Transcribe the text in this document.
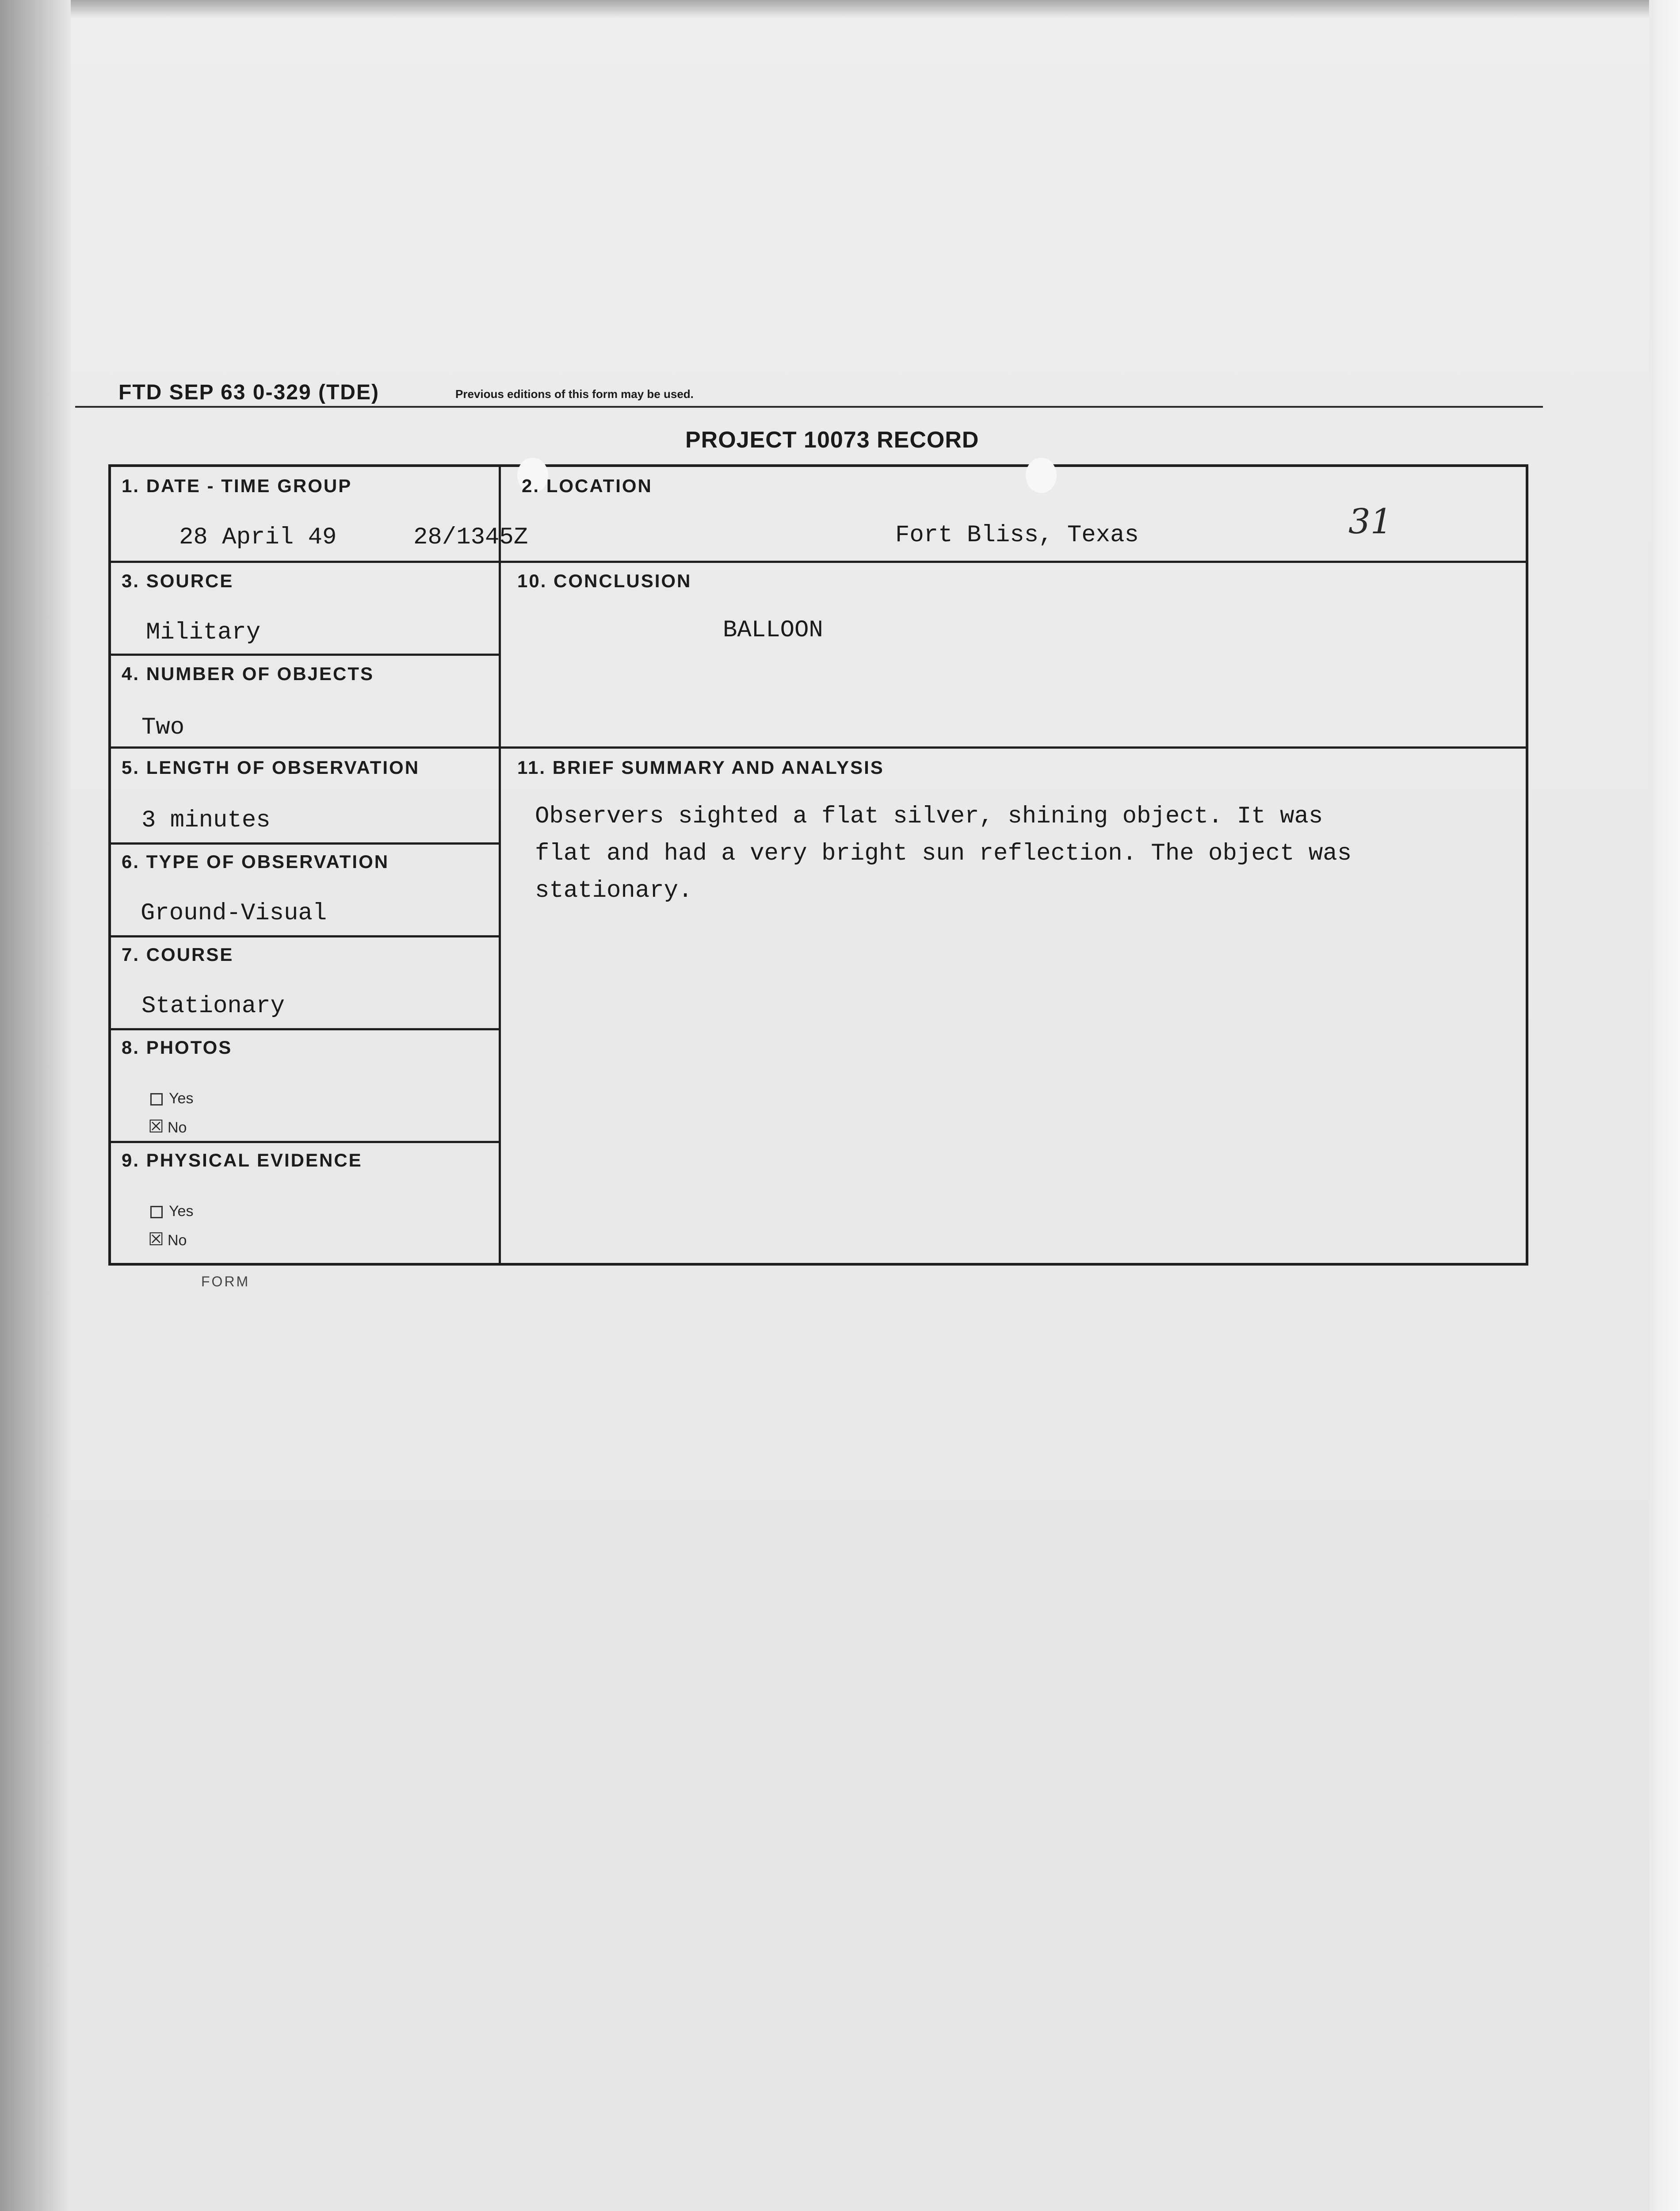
FTD SEP 63 0-329 (TDE)	Previous editions of this form may be used.
PROJECT 10073 RECORD
1. DATE - TIME GROUP
28 April 49	28/1345Z
2. LOCATION
Fort Bliss, Texas	31
3. SOURCE
Military
4. NUMBER OF OBJECTS
Two
5. LENGTH OF OBSERVATION
3 minutes
6. TYPE OF OBSERVATION
Ground-Visual
7. COURSE
Stationary
8. PHOTOS
Yes
☒ No
9. PHYSICAL EVIDENCE
Yes
☒ No
10. CONCLUSION
BALLOON
11. BRIEF SUMMARY AND ANALYSIS
Observers sighted a flat silver, shining object. It was
flat and had a very bright sun reflection. The object was
stationary.
FORM
